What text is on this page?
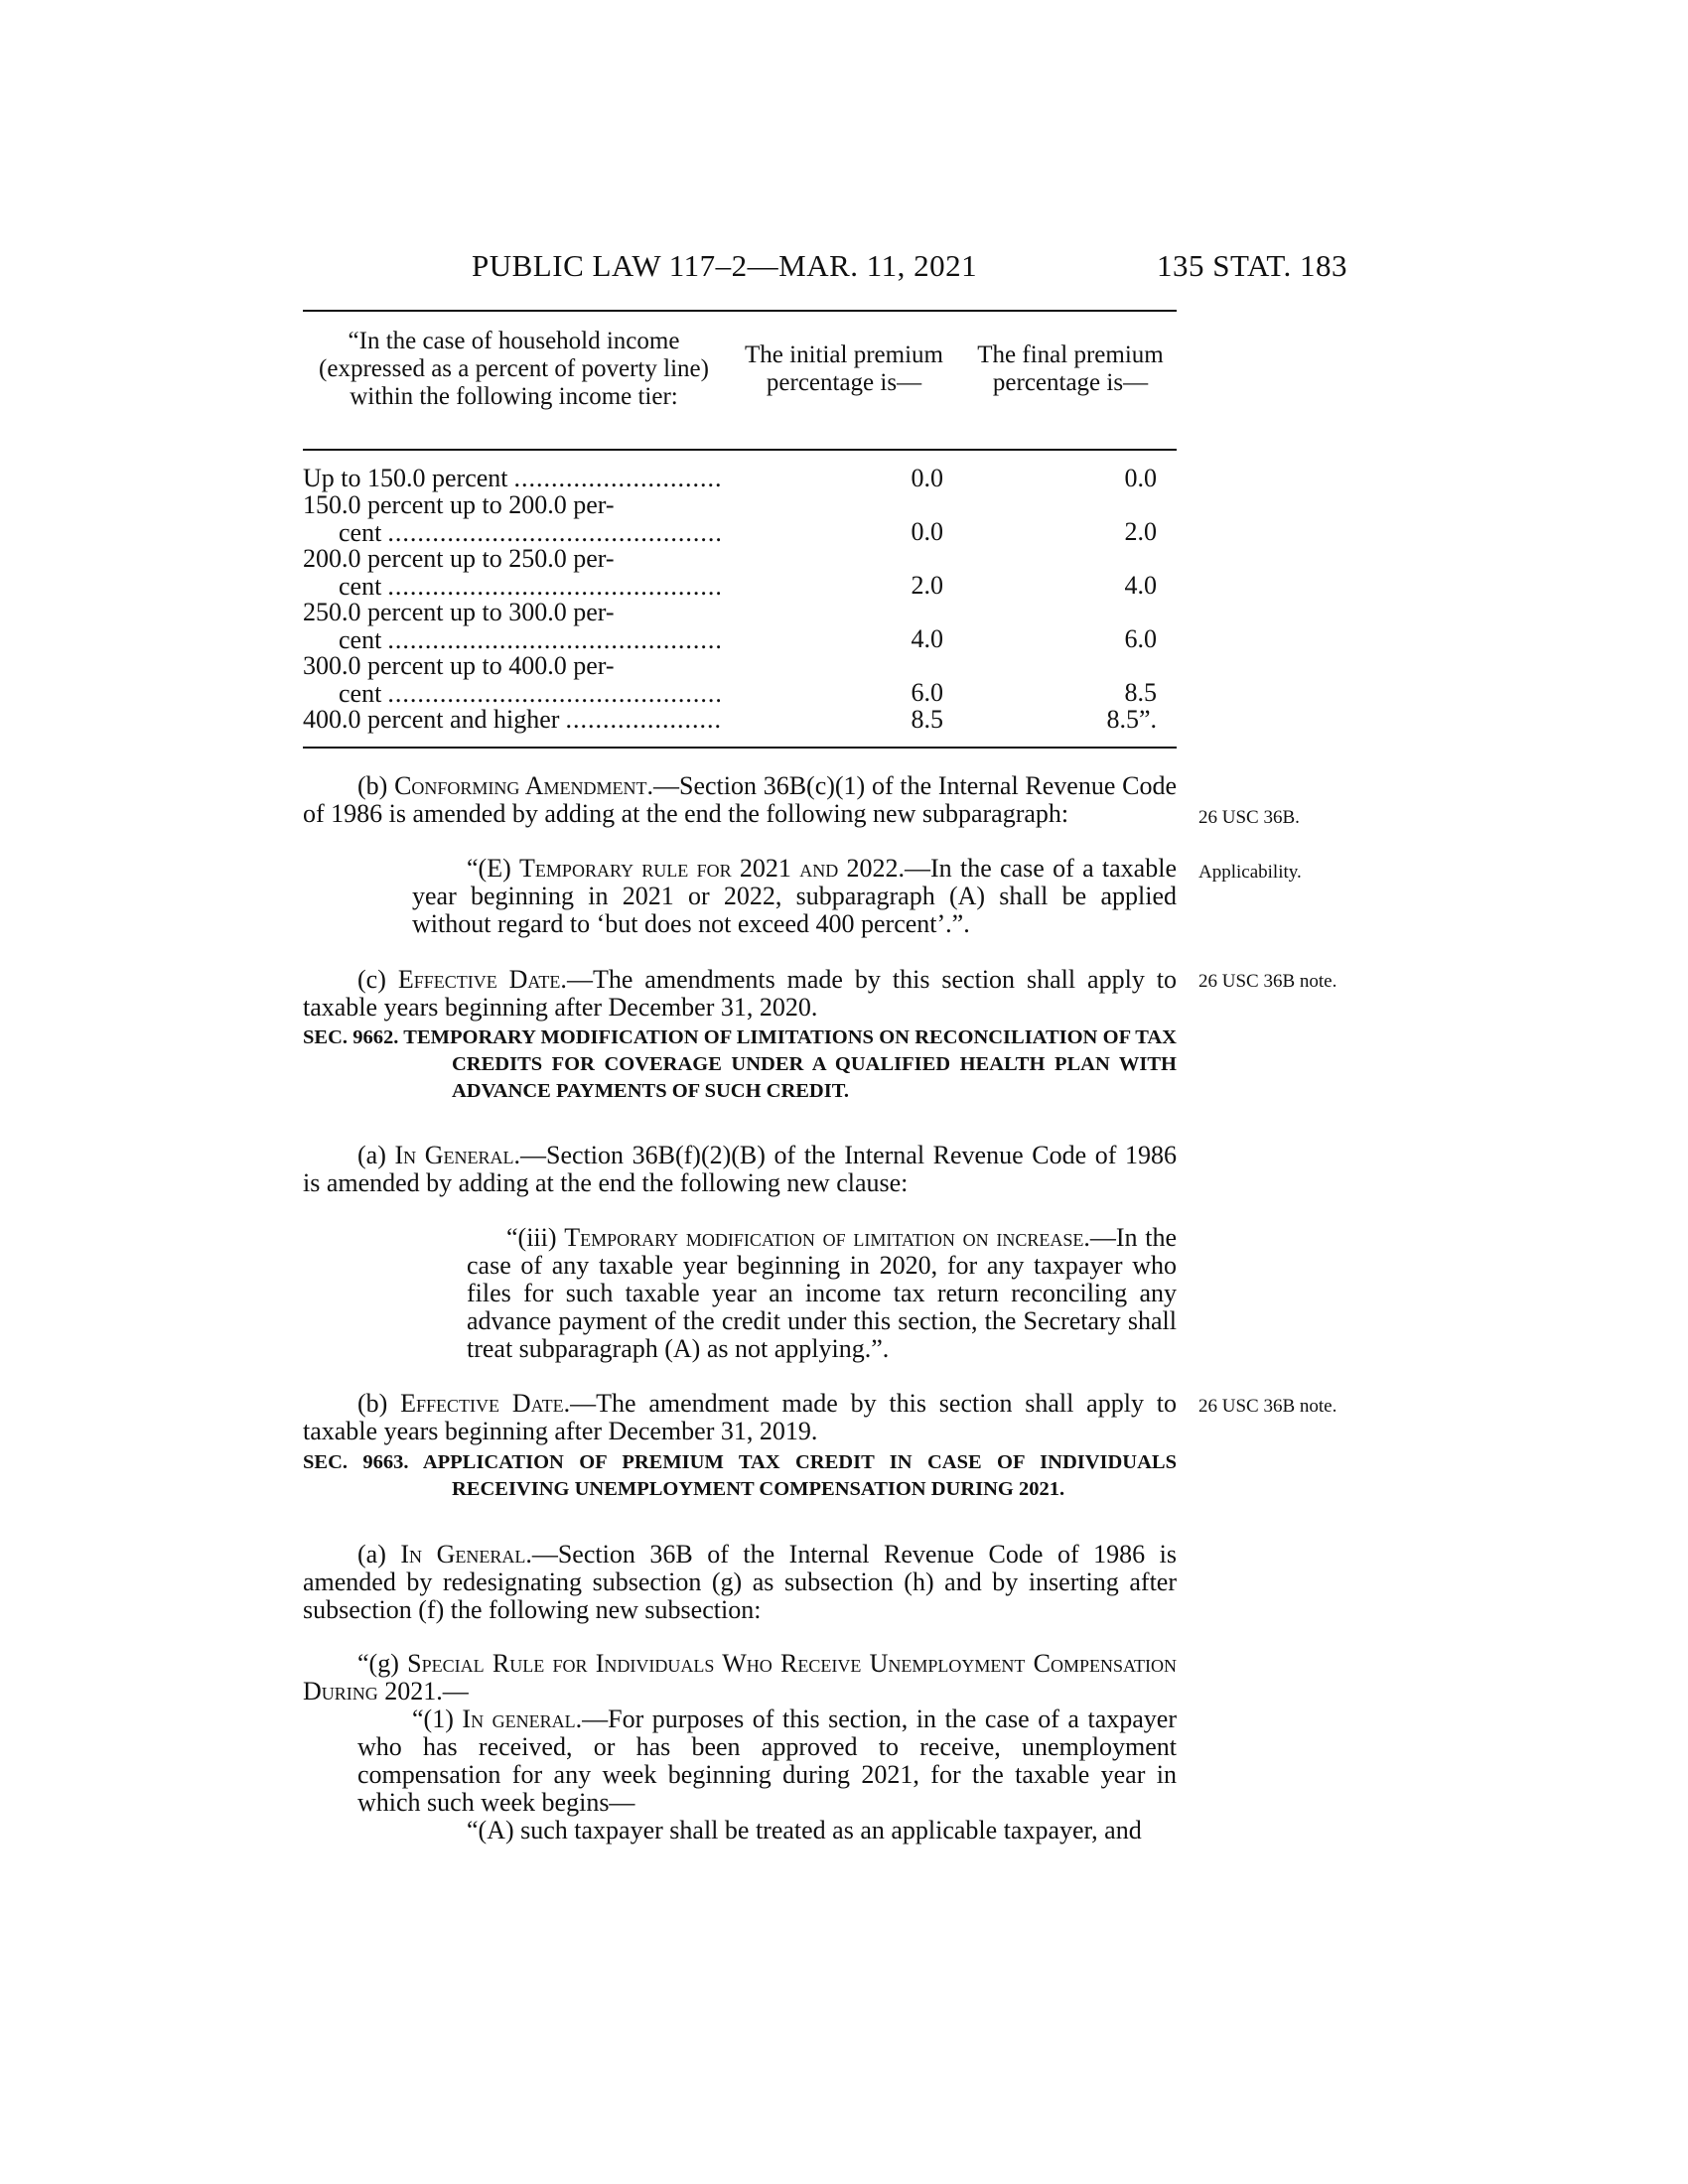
PUBLIC LAW 117–2—MAR. 11, 2021	135 STAT. 183
“In the case of household income (expressed as a percent of poverty line) within the following income tier:
The initial premium percentage is—
The final premium percentage is—
Up to 150.0 percent .....	0.0	0.0
150.0 percent up to 200.0 per-
cent .....	0.0	2.0
200.0 percent up to 250.0 per-
cent .....	2.0	4.0
250.0 percent up to 300.0 per-
cent .....	4.0	6.0
300.0 percent up to 400.0 per-
cent .....	6.0	8.5
400.0 percent and higher .....	8.5	8.5”.
(b) Conforming Amendment.—Section 36B(c)(1) of the Internal Revenue Code of 1986 is amended by adding at the end the following new subparagraph:
“(E) Temporary rule for 2021 and 2022.—In the case of a taxable year beginning in 2021 or 2022, subparagraph (A) shall be applied without regard to ‘but does not exceed 400 percent’.”.
(c) Effective Date.—The amendments made by this section shall apply to taxable years beginning after December 31, 2020.
SEC. 9662. TEMPORARY MODIFICATION OF LIMITATIONS ON RECONCILIATION OF TAX CREDITS FOR COVERAGE UNDER A QUALIFIED HEALTH PLAN WITH ADVANCE PAYMENTS OF SUCH CREDIT.
(a) In General.—Section 36B(f)(2)(B) of the Internal Revenue Code of 1986 is amended by adding at the end the following new clause:
“(iii) Temporary modification of limitation on increase.—In the case of any taxable year beginning in 2020, for any taxpayer who files for such taxable year an income tax return reconciling any advance payment of the credit under this section, the Secretary shall treat subparagraph (A) as not applying.”.
(b) Effective Date.—The amendment made by this section shall apply to taxable years beginning after December 31, 2019.
SEC. 9663. APPLICATION OF PREMIUM TAX CREDIT IN CASE OF INDIVIDUALS RECEIVING UNEMPLOYMENT COMPENSATION DURING 2021.
(a) In General.—Section 36B of the Internal Revenue Code of 1986 is amended by redesignating subsection (g) as subsection (h) and by inserting after subsection (f) the following new subsection:
“(g) Special Rule for Individuals Who Receive Unemployment Compensation During 2021.—
“(1) In general.—For purposes of this section, in the case of a taxpayer who has received, or has been approved to receive, unemployment compensation for any week beginning during 2021, for the taxable year in which such week begins—
“(A) such taxpayer shall be treated as an applicable taxpayer, and
26 USC 36B.
Applicability.
26 USC 36B note.
26 USC 36B note.
